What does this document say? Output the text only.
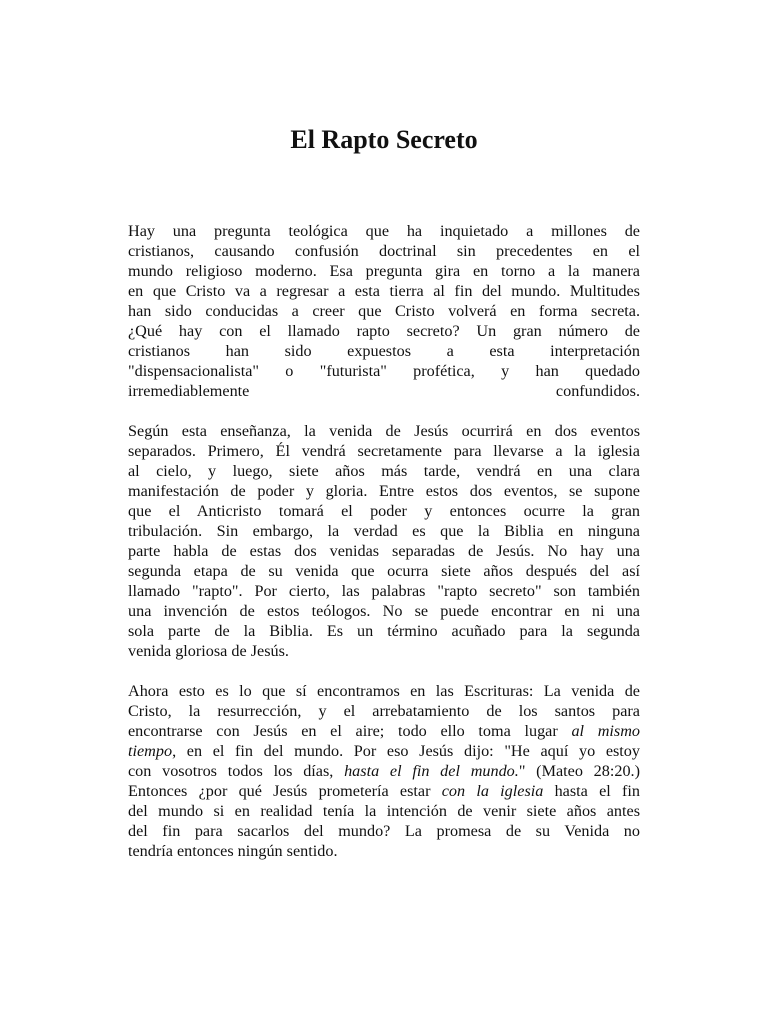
El Rapto Secreto

Hay una pregunta teológica que ha inquietado a millones de
cristianos, causando confusión doctrinal sin precedentes en el
mundo religioso moderno. Esa pregunta gira en torno a la manera
en que Cristo va a regresar a esta tierra al fin del mundo. Multitudes
han sido conducidas a creer que Cristo volverá en forma secreta.
¿Qué hay con el llamado rapto secreto? Un gran número de
cristianos han sido expuestos a esta interpretación
"dispensacionalista" o "futurista" profética, y han quedado
irremediablemente confundidos.

Según esta enseñanza, la venida de Jesús ocurrirá en dos eventos
separados. Primero, Él vendrá secretamente para llevarse a la iglesia
al cielo, y luego, siete años más tarde, vendrá en una clara
manifestación de poder y gloria. Entre estos dos eventos, se supone
que el Anticristo tomará el poder y entonces ocurre la gran
tribulación. Sin embargo, la verdad es que la Biblia en ninguna
parte habla de estas dos venidas separadas de Jesús. No hay una
segunda etapa de su venida que ocurra siete años después del así
llamado "rapto". Por cierto, las palabras "rapto secreto" son también
una invención de estos teólogos. No se puede encontrar en ni una
sola parte de la Biblia. Es un término acuñado para la segunda
venida gloriosa de Jesús.

Ahora esto es lo que sí encontramos en las Escrituras: La venida de
Cristo, la resurrección, y el arrebatamiento de los santos para
encontrarse con Jesús en el aire; todo ello toma lugar al mismo
tiempo, en el fin del mundo. Por eso Jesús dijo: "He aquí yo estoy
con vosotros todos los días, hasta el fin del mundo." (Mateo 28:20.)
Entonces ¿por qué Jesús prometería estar con la iglesia hasta el fin
del mundo si en realidad tenía la intención de venir siete años antes
del fin para sacarlos del mundo? La promesa de su Venida no
tendría entonces ningún sentido.
